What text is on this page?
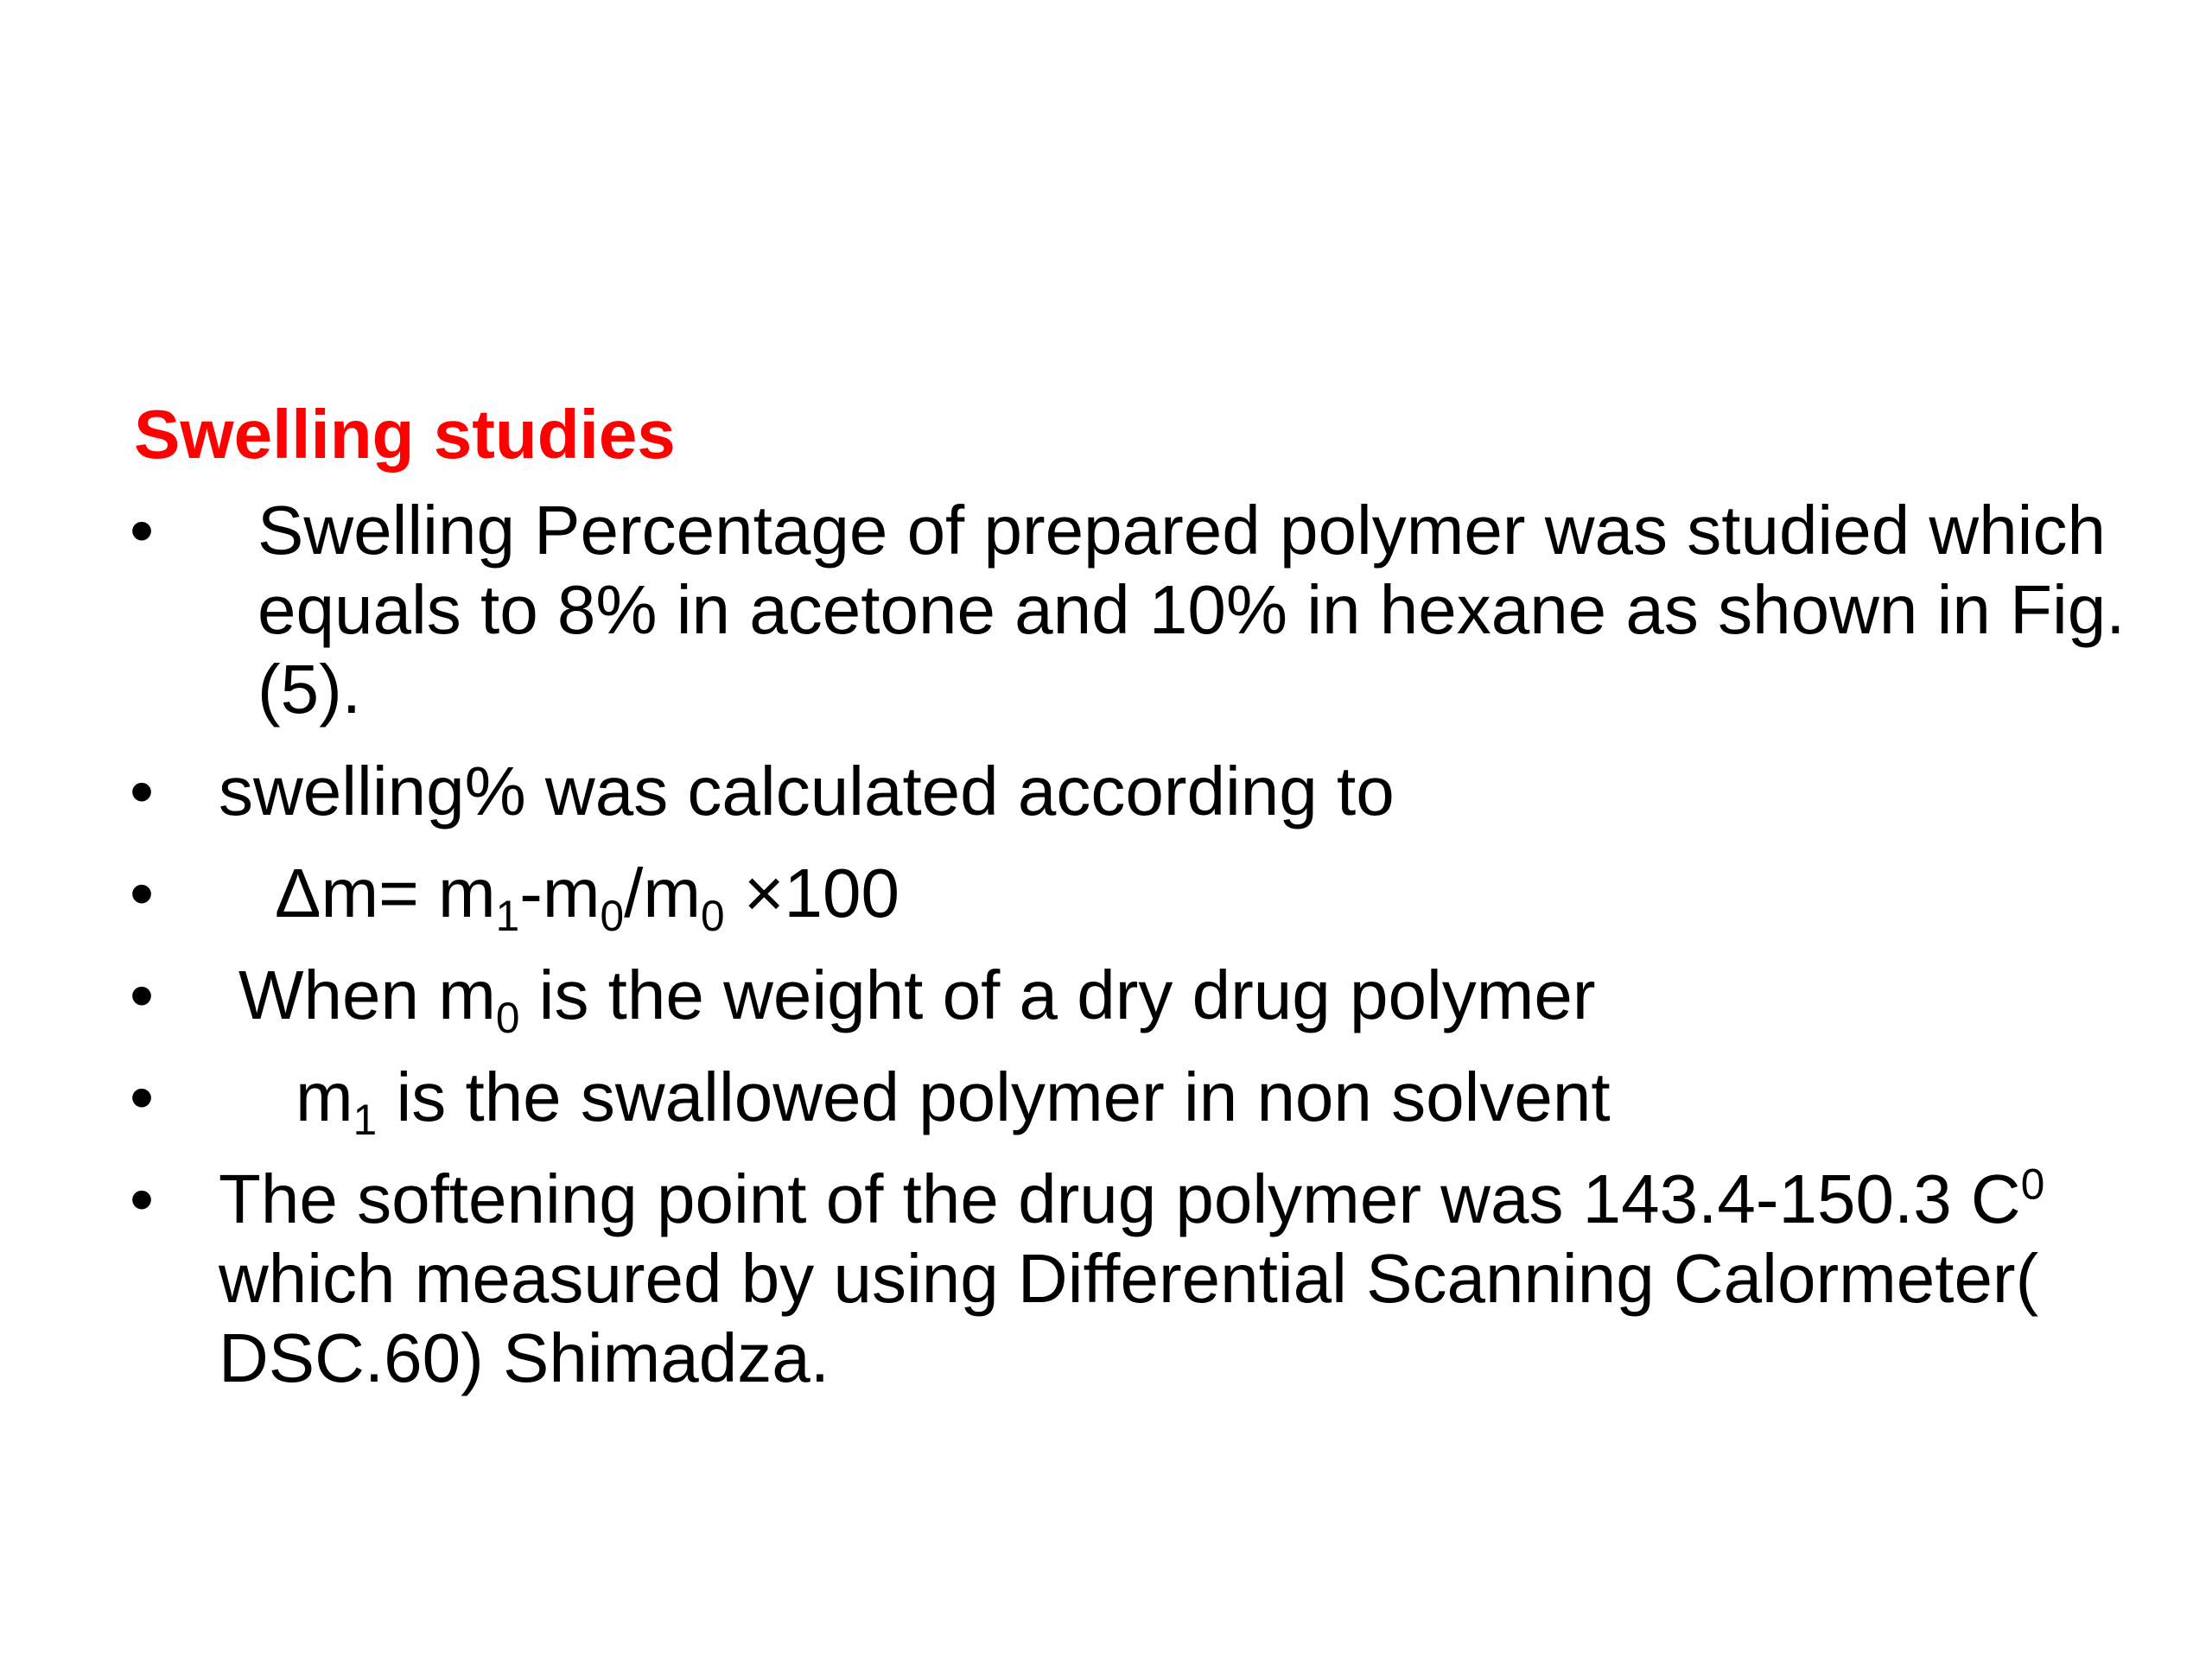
Swelling studies
• Swelling Percentage of prepared polymer was studied which equals to 8% in acetone and 10% in hexane as shown in Fig.(5).
• swelling% was calculated according to
• $\Delta m= m_1-m_0/m_0 \times 100$
• When $m_0$ is the weight of a dry drug polymer
• $m_1$ is the swallowed polymer in non solvent
• The softening point of the drug polymer was 143.4-150.3 $C^0$ which measured by using Differential Scanning Calormeter( DSC.60) Shimadza.
